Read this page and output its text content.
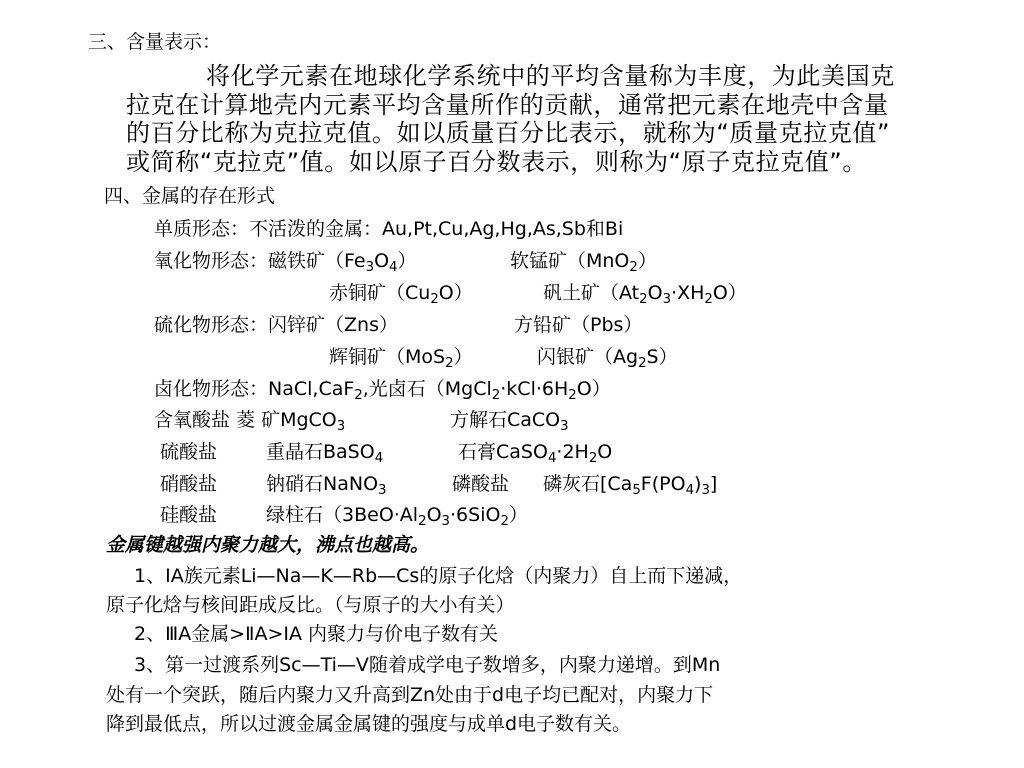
三、含量表示：
将化学元素在地球化学系统中的平均含量称为丰度，为此美国克
拉克在计算地壳内元素平均含量所作的贡献，通常把元素在地壳中含量
的百分比称为克拉克值。如以质量百分比表示，就称为“质量克拉克值”
或简称“克拉克”值。如以原子百分数表示，则称为“原子克拉克值”。
四、金属的存在形式
单质形态：不活泼的金属：Au,Pt,Cu,Ag,Hg,As,Sb和Bi
氧化物形态：磁铁矿$(Fe_3O_4)$	软锰矿（MnO$_2$）
赤铜矿$(Cu_2O)$	矾土矿$(At_2O_3\cdot XH_2O)$
硫化物形态：闪锌矿（Zns）	方铅矿（Pbs）
辉铜矿（MoS$_2$）	闪银矿$(Ag_2S)$
卤化物形态：NaCl,CaF$_2$,光卤石$(MgCl_2\cdot kCl\cdot 6H_2O)$
含氧酸盐 菱 矿MgCO$_3$	方解石CaCO$_3$
硫酸盐	重晶石BaSO$_4$	石膏$CaSO_4\cdot 2H_2O$
硝酸盐	钠硝石NaNO$_3$	磷酸盐 磷灰石$[Ca_5F(PO_4)_3]$
硅酸盐	绿柱石$(3BeO\cdot Al_2O_3\cdot 6SiO_2)$
金属键越强内聚力越大，沸点也越高。
1、IA族元素Li—Na—K—Rb—Cs的原子化焓（内聚力）自上而下递减，
原子化焓与核间距成反比。（与原子的大小有关）
2、ⅢA金属>ⅡA>ⅠA 内聚力与价电子数有关
3、第一过渡系列Sc—Ti—V随着成学电子数增多，内聚力递增。到Mn
处有一个突跃，随后内聚力又升高到Zn处由于d电子均已配对，内聚力下
降到最低点，所以过渡金属金属键的强度与成单d电子数有关。
